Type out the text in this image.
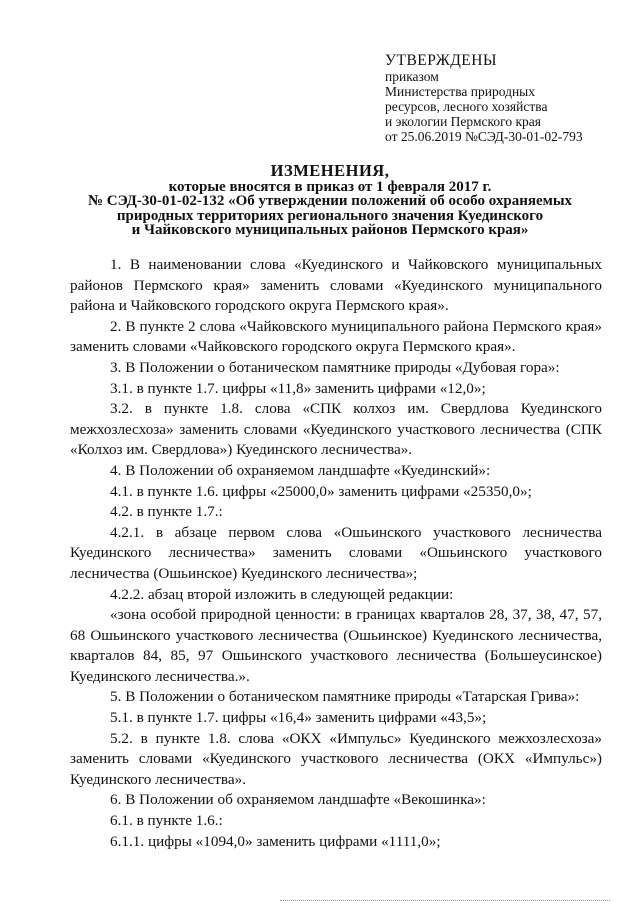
УТВЕРЖДЕНЫ
приказом
Министерства природных
ресурсов, лесного хозяйства
и экологии Пермского края
от 25.06.2019 №СЭД-30-01-02-793
ИЗМЕНЕНИЯ,
которые вносятся в приказ от 1 февраля 2017 г.
№ СЭД-30-01-02-132 «Об утверждении положений об особо охраняемых
природных территориях регионального значения Куединского
и Чайковского муниципальных районов Пермского края»

1. В наименовании слова «Куединского и Чайковского муниципальных районов Пермского края» заменить словами «Куединского муниципального района и Чайковского городского округа Пермского края».

2. В пункте 2 слова «Чайковского муниципального района Пермского края» заменить словами «Чайковского городского округа Пермского края».

3. В Положении о ботаническом памятнике природы «Дубовая гора»:

3.1. в пункте 1.7. цифры «11,8» заменить цифрами «12,0»;

3.2. в пункте 1.8. слова «СПК колхоз им. Свердлова Куединского межхозлесхоза» заменить словами «Куединского участкового лесничества (СПК «Колхоз им. Свердлова») Куединского лесничества».

4. В Положении об охраняемом ландшафте «Куединский»:

4.1. в пункте 1.6. цифры «25000,0» заменить цифрами «25350,0»;

4.2. в пункте 1.7.:

4.2.1. в абзаце первом слова «Ошьинского участкового лесничества Куединского лесничества» заменить словами «Ошьинского участкового лесничества (Ошьинское) Куединского лесничества»;

4.2.2. абзац второй изложить в следующей редакции:

«зона особой природной ценности: в границах кварталов 28, 37, 38, 47, 57, 68 Ошьинского участкового лесничества (Ошьинское) Куединского лесничества, кварталов 84, 85, 97 Ошьинского участкового лесничества (Большеусинское) Куединского лесничества.».

5. В Положении о ботаническом памятнике природы «Татарская Грива»:

5.1. в пункте 1.7. цифры «16,4» заменить цифрами «43,5»;

5.2. в пункте 1.8. слова «ОКХ «Импульс» Куединского межхозлесхоза» заменить словами «Куединского участкового лесничества (ОКХ «Импульс») Куединского лесничества».

6. В Положении об охраняемом ландшафте «Векошинка»:

6.1. в пункте 1.6.:

6.1.1. цифры «1094,0» заменить цифрами «1111,0»;
